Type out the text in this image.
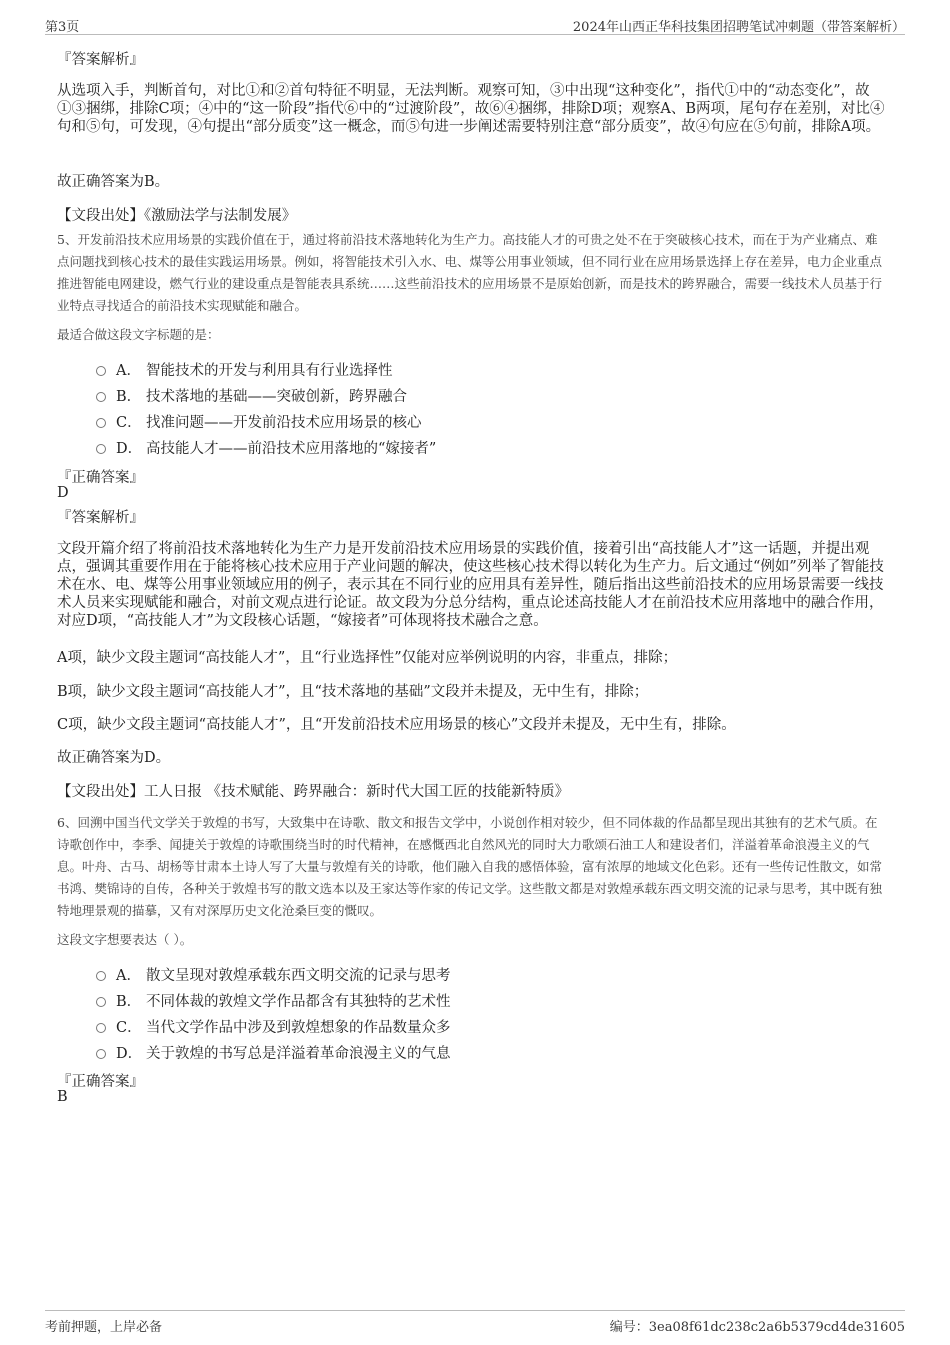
第3页	2024年山西正华科技集团招聘笔试冲刺题（带答案解析）
『答案解析』
从选项入手，判断首句，对比①和②首句特征不明显，无法判断。观察可知，③中出现“这种变化”，指代①中的“动态变化”，故①③捆绑，排除C项；④中的“这一阶段”指代⑥中的“过渡阶段”，故⑥④捆绑，排除D项；观察A、B两项，尾句存在差别，对比④句和⑤句，可发现，④句提出“部分质变”这一概念，而⑤句进一步阐述需要特别注意“部分质变”，故④句应在⑤句前，排除A项。
故正确答案为B。
【文段出处】《激励法学与法制发展》
5、开发前沿技术应用场景的实践价值在于，通过将前沿技术落地转化为生产力。高技能人才的可贵之处不在于突破核心技术，而在于为产业痛点、难点问题找到核心技术的最佳实践运用场景。例如，将智能技术引入水、电、煤等公用事业领域，但不同行业在应用场景选择上存在差异，电力企业重点推进智能电网建设，燃气行业的建设重点是智能表具系统……这些前沿技术的应用场景不是原始创新，而是技术的跨界融合，需要一线技术人员基于行业特点寻找适合的前沿技术实现赋能和融合。
最适合做这段文字标题的是：
A． 智能技术的开发与利用具有行业选择性
B． 技术落地的基础——突破创新，跨界融合
C． 找准问题——开发前沿技术应用场景的核心
D． 高技能人才——前沿技术应用落地的“嫁接者”
『正确答案』
D
『答案解析』
文段开篇介绍了将前沿技术落地转化为生产力是开发前沿技术应用场景的实践价值，接着引出“高技能人才”这一话题，并提出观点，强调其重要作用在于能将核心技术应用于产业问题的解决，使这些核心技术得以转化为生产力。后文通过“例如”列举了智能技术在水、电、煤等公用事业领域应用的例子，表示其在不同行业的应用具有差异性，随后指出这些前沿技术的应用场景需要一线技术人员来实现赋能和融合，对前文观点进行论证。故文段为分总分结构，重点论述高技能人才在前沿技术应用落地中的融合作用，对应D项，“高技能人才”为文段核心话题，“嫁接者”可体现将技术融合之意。
A项，缺少文段主题词“高技能人才”，且“行业选择性”仅能对应举例说明的内容，非重点，排除；
B项，缺少文段主题词“高技能人才”，且“技术落地的基础”文段并未提及，无中生有，排除；
C项，缺少文段主题词“高技能人才”，且“开发前沿技术应用场景的核心”文段并未提及，无中生有，排除。
故正确答案为D。
【文段出处】工人日报 《技术赋能、跨界融合：新时代大国工匠的技能新特质》
6、回溯中国当代文学关于敦煌的书写，大致集中在诗歌、散文和报告文学中，小说创作相对较少，但不同体裁的作品都呈现出其独有的艺术气质。在诗歌创作中，李季、闻捷关于敦煌的诗歌围绕当时的时代精神，在感慨西北自然风光的同时大力歌颂石油工人和建设者们，洋溢着革命浪漫主义的气息。叶舟、古马、胡杨等甘肃本土诗人写了大量与敦煌有关的诗歌，他们融入自我的感悟体验，富有浓厚的地域文化色彩。还有一些传记性散文，如常书鸿、樊锦诗的自传，各种关于敦煌书写的散文选本以及王家达等作家的传记文学。这些散文都是对敦煌承载东西文明交流的记录与思考，其中既有独特地理景观的描摹，又有对深厚历史文化沧桑巨变的慨叹。
这段文字想要表达（ ）。
A． 散文呈现对敦煌承载东西文明交流的记录与思考
B． 不同体裁的敦煌文学作品都含有其独特的艺术性
C． 当代文学作品中涉及到敦煌想象的作品数量众多
D． 关于敦煌的书写总是洋溢着革命浪漫主义的气息
『正确答案』
B
考前押题，上岸必备	编号：3ea08f61dc238c2a6b5379cd4de31605
